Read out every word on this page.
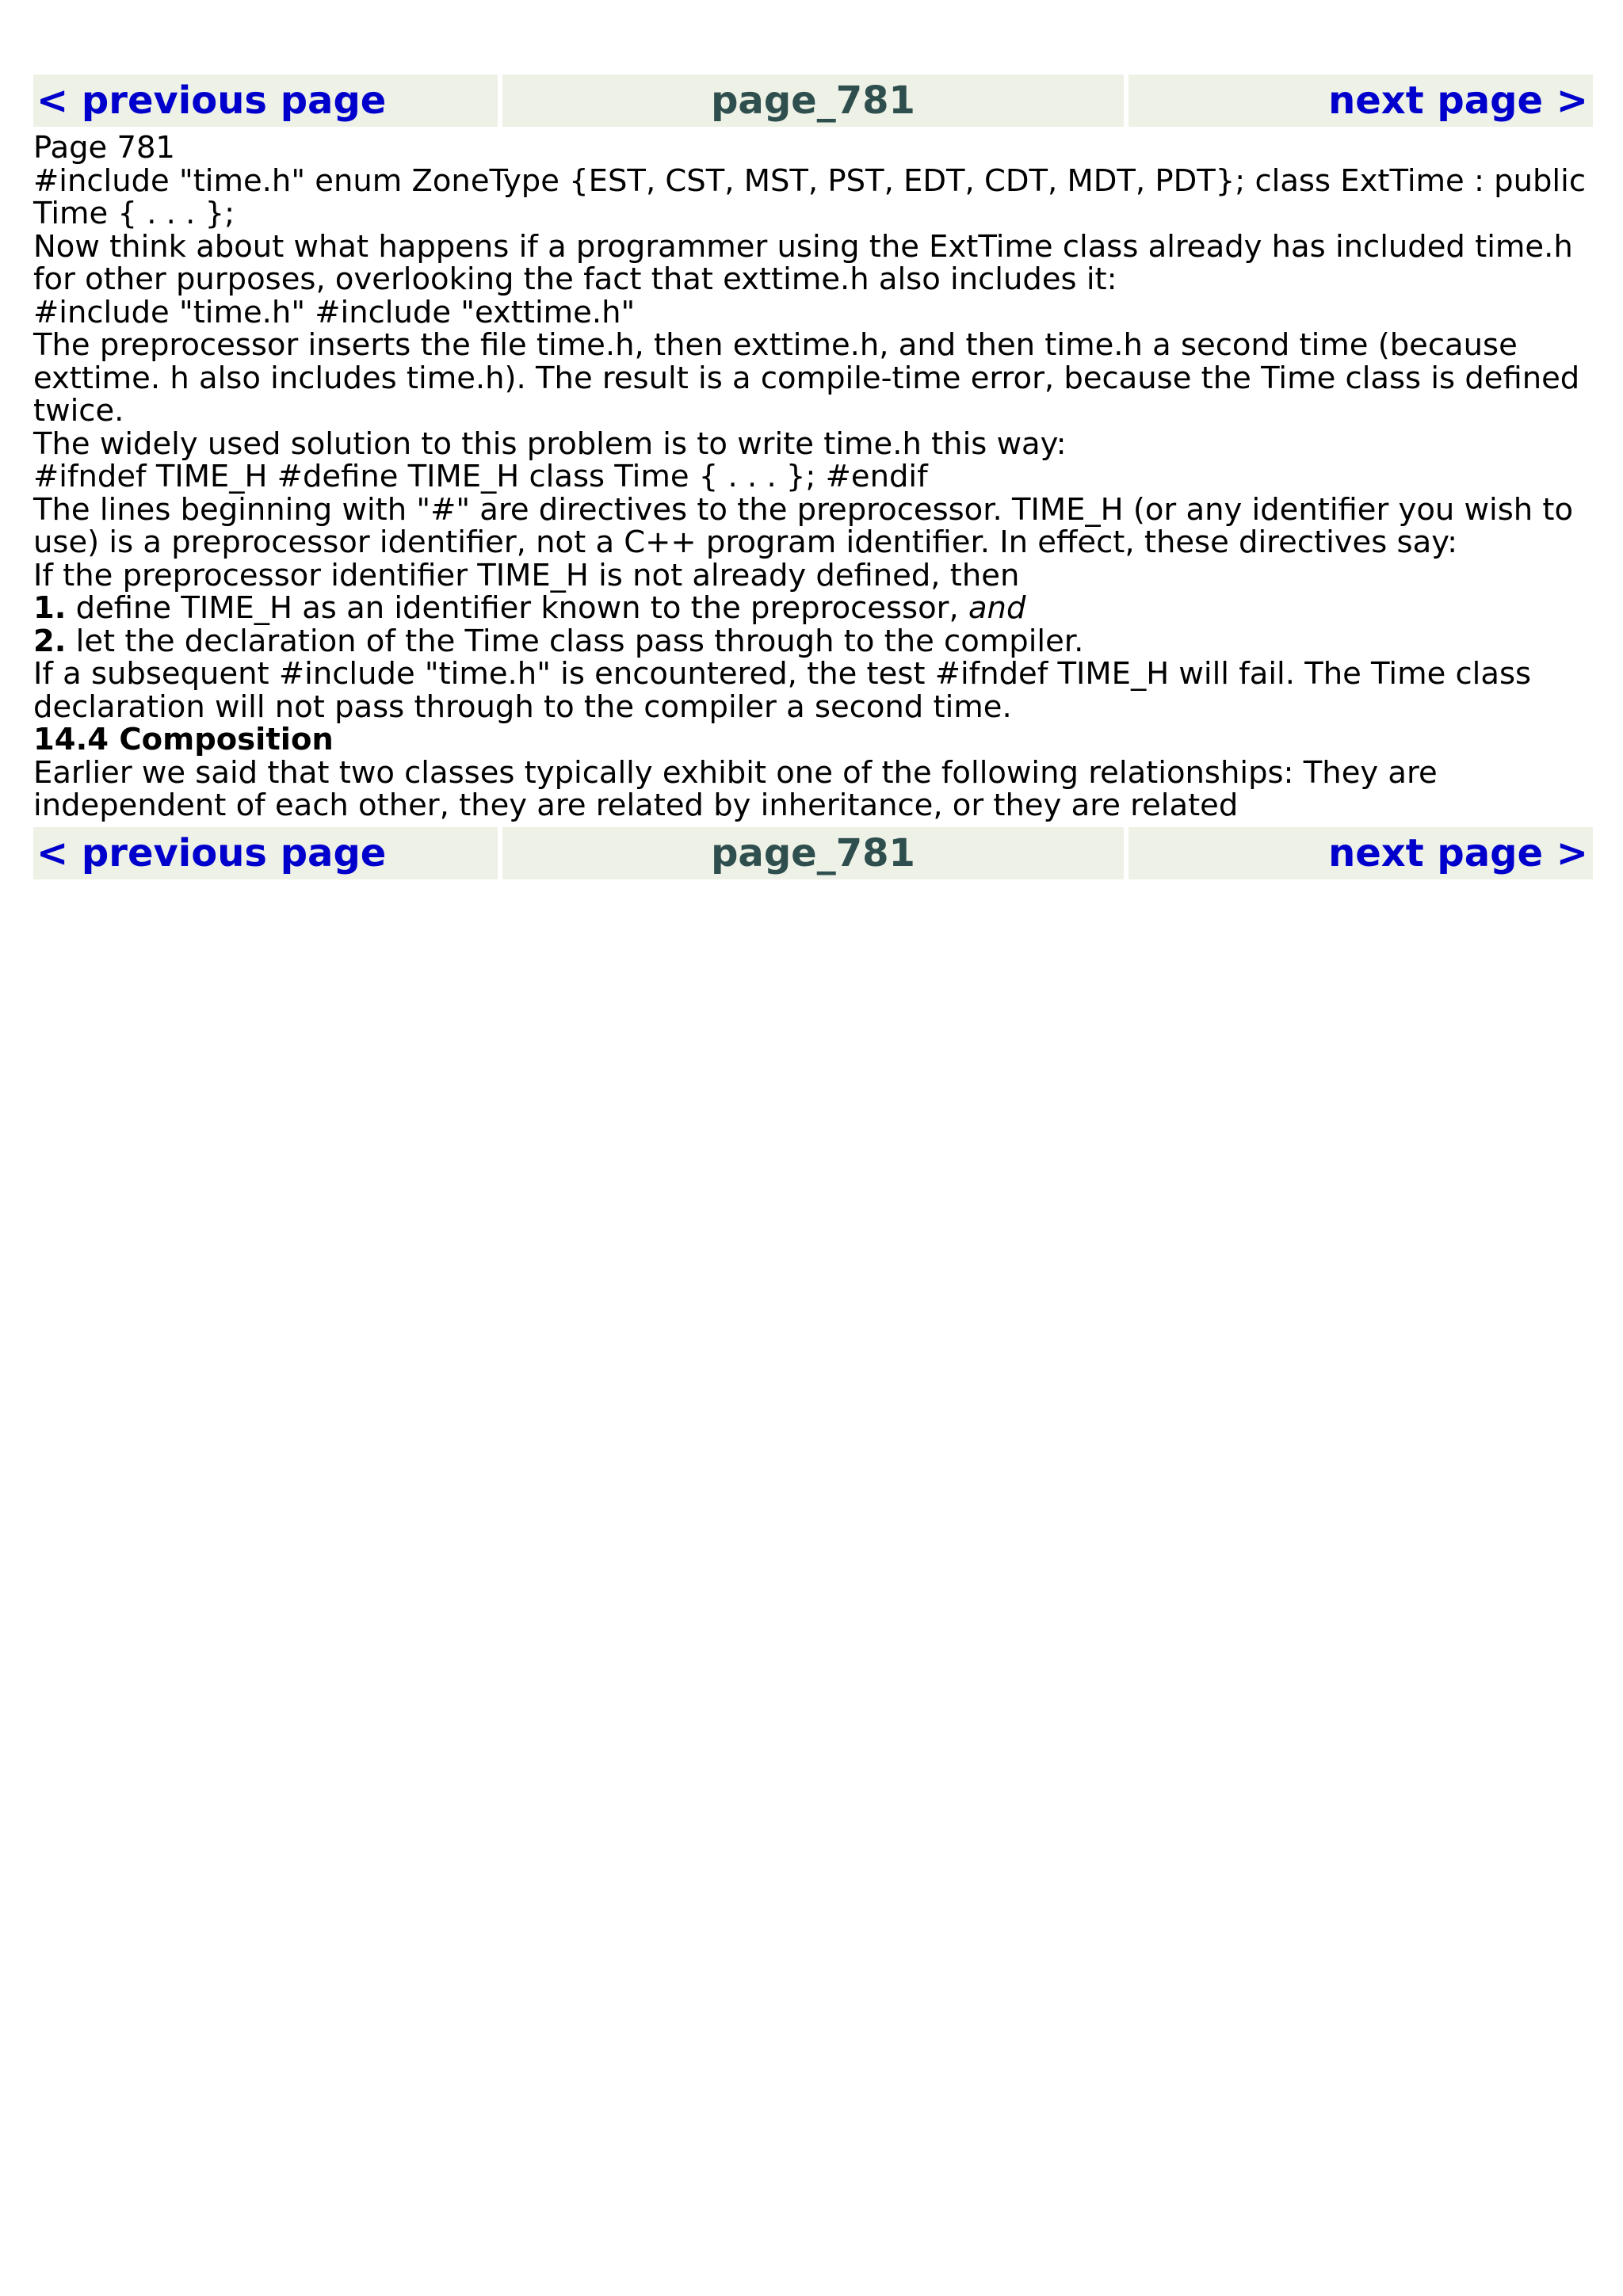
< previous page	page_781	next page >

Page 781

#include "time.h" enum ZoneType {EST, CST, MST, PST, EDT, CDT, MDT, PDT}; class ExtTime : public Time { . . . };

Now think about what happens if a programmer using the ExtTime class already has included time.h for other purposes, overlooking the fact that exttime.h also includes it:

#include "time.h" #include "exttime.h"

The preprocessor inserts the file time.h, then exttime.h, and then time.h a second time (because exttime. h also includes time.h). The result is a compile-time error, because the Time class is defined twice.

The widely used solution to this problem is to write time.h this way:

#ifndef TIME_H #define TIME_H class Time { . . . }; #endif

The lines beginning with "#" are directives to the preprocessor. TIME_H (or any identifier you wish to use) is a preprocessor identifier, not a C++ program identifier. In effect, these directives say:

If the preprocessor identifier TIME_H is not already defined, then

1. define TIME_H as an identifier known to the preprocessor, and

2. let the declaration of the Time class pass through to the compiler.

If a subsequent #include "time.h" is encountered, the test #ifndef TIME_H will fail. The Time class declaration will not pass through to the compiler a second time.

14.4 Composition

Earlier we said that two classes typically exhibit one of the following relationships: They are independent of each other, they are related by inheritance, or they are related

< previous page	page_781	next page >
